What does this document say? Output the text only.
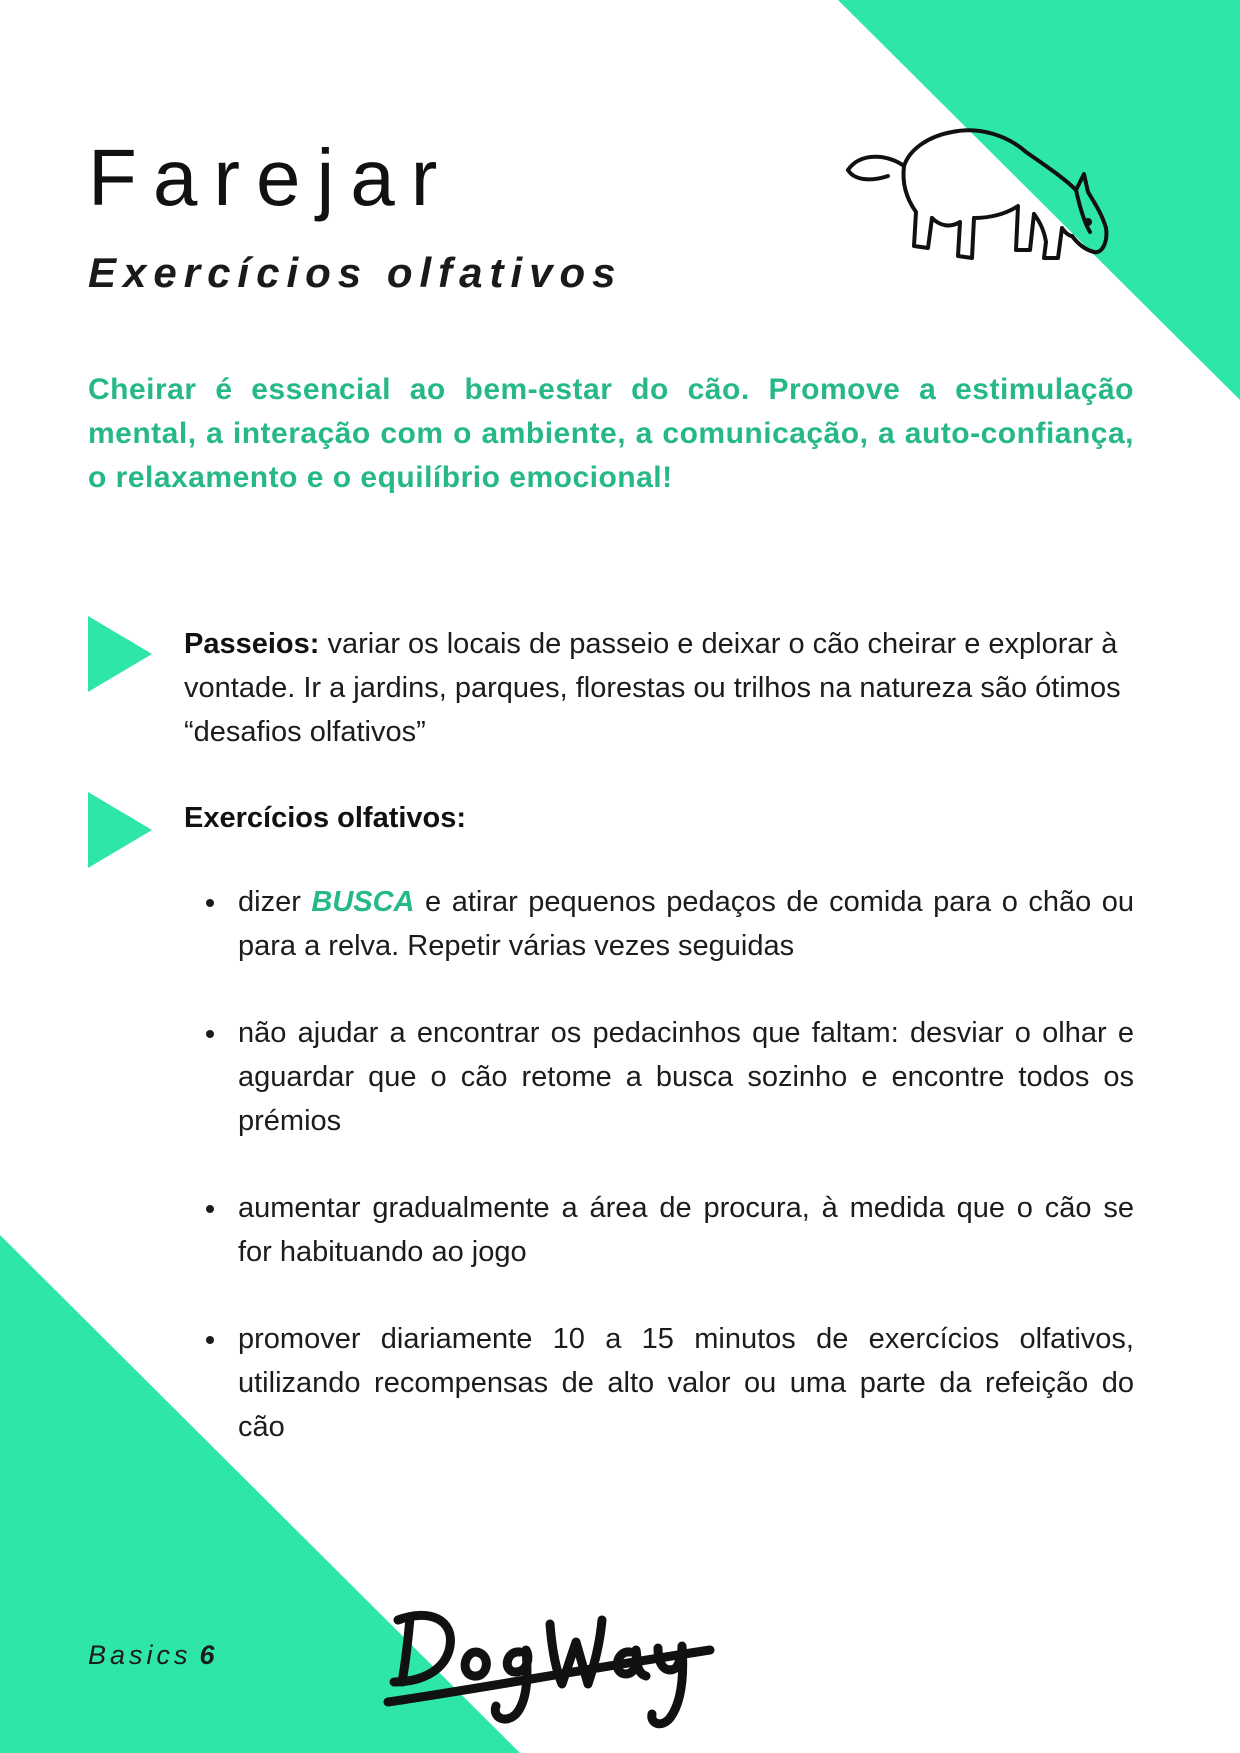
Farejar
Exercícios olfativos

Cheirar é essencial ao bem-estar do cão. Promove a estimulação mental, a interação com o ambiente, a comunicação, a auto-confiança, o relaxamento e o equilíbrio emocional!

Passeios: variar os locais de passeio e deixar o cão cheirar e explorar à vontade. Ir a jardins, parques, florestas ou trilhos na natureza são ótimos “desafios olfativos”

Exercícios olfativos:

dizer BUSCA e atirar pequenos pedaços de comida para o chão ou para a relva. Repetir várias vezes seguidas
não ajudar a encontrar os pedacinhos que faltam: desviar o olhar e aguardar que o cão retome a busca sozinho e encontre todos os prémios
aumentar gradualmente a área de procura, à medida que o cão se for habituando ao jogo
promover diariamente 10 a 15 minutos de exercícios olfativos, utilizando recompensas de alto valor ou uma parte da refeição do cão
Basics 6
